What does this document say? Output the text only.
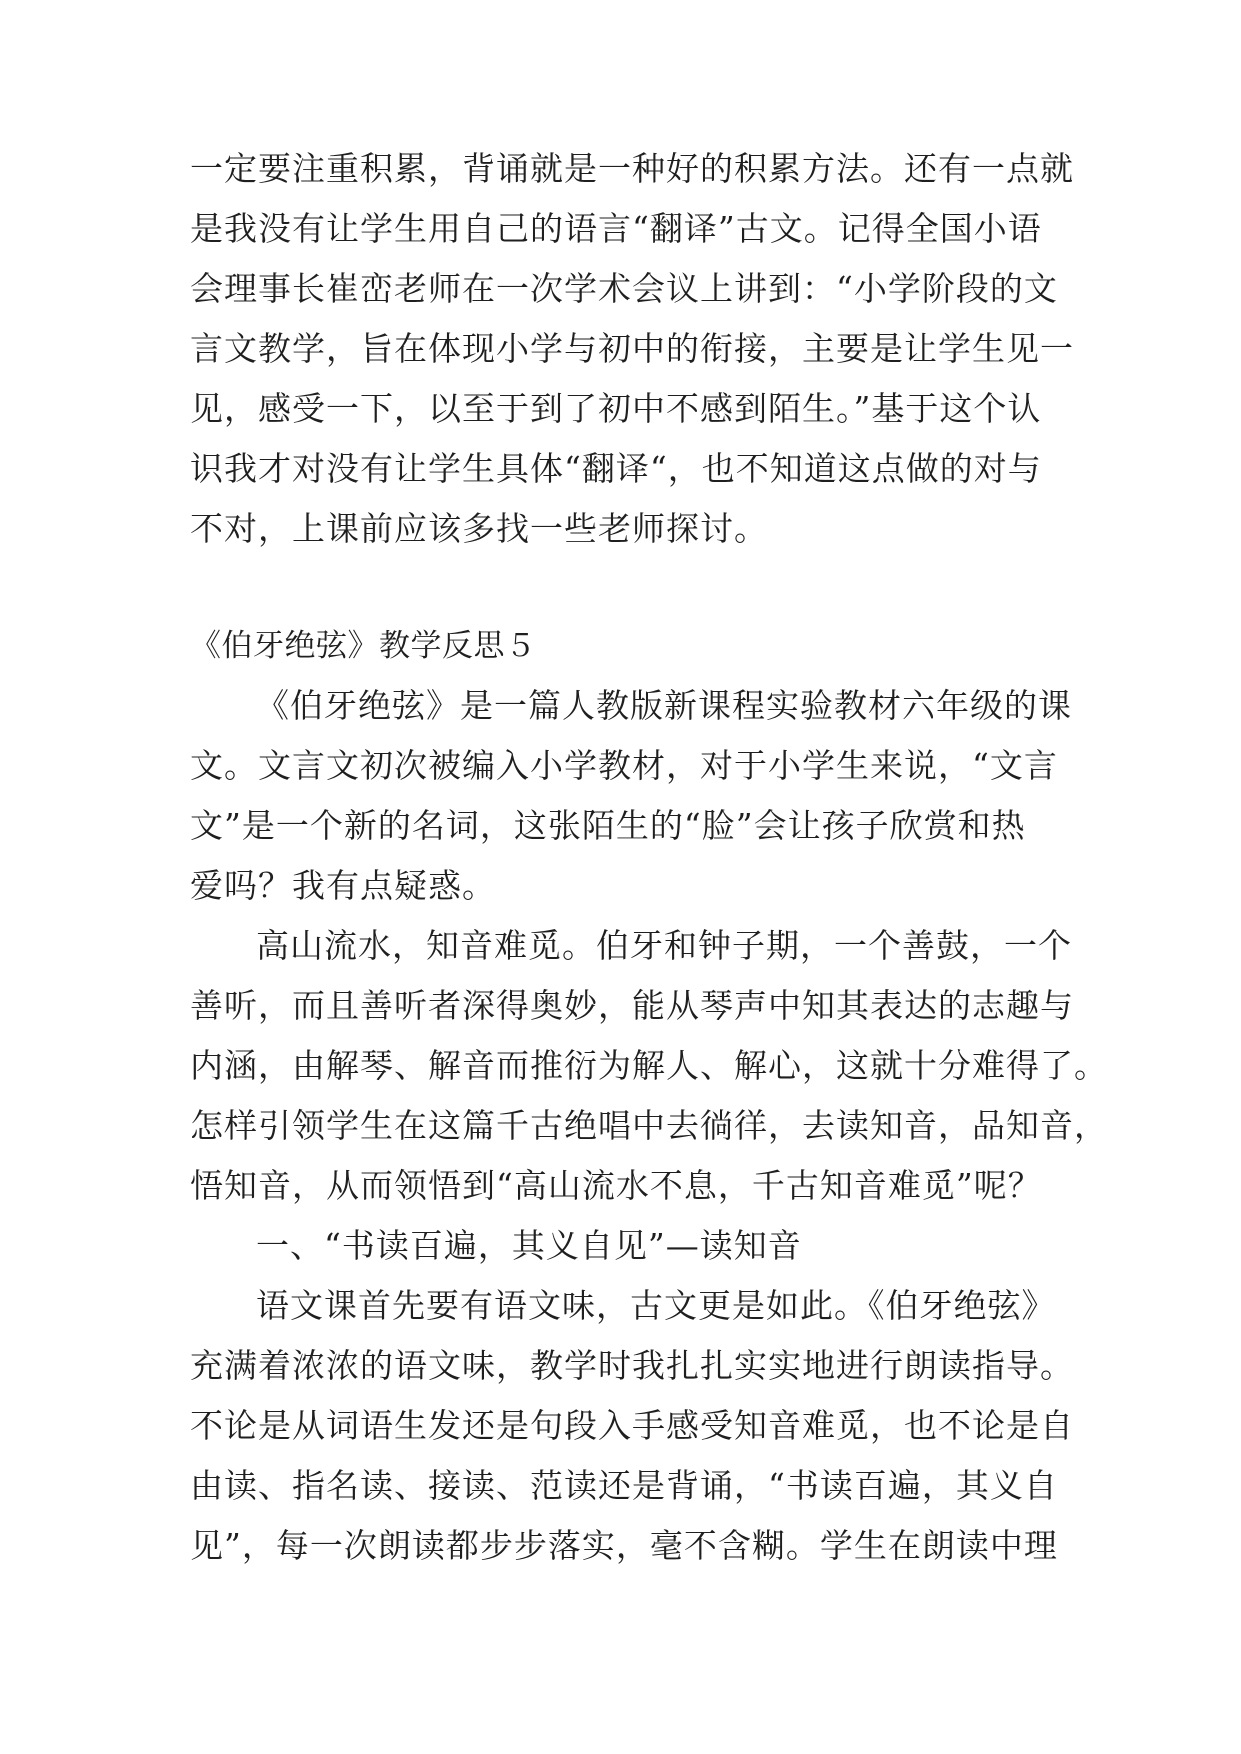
一定要注重积累，背诵就是一种好的积累方法。还有一点就
是我没有让学生用自己的语言“翻译”古文。记得全国小语
会理事长崔峦老师在一次学术会议上讲到：“小学阶段的文
言文教学，旨在体现小学与初中的衔接，主要是让学生见一
见，感受一下，以至于到了初中不感到陌生。”基于这个认
识我才对没有让学生具体“翻译“，也不知道这点做的对与
不对，上课前应该多找一些老师探讨。
《伯牙绝弦》教学反思５
《伯牙绝弦》是一篇人教版新课程实验教材六年级的课
文。文言文初次被编入小学教材，对于小学生来说，“文言
文”是一个新的名词，这张陌生的“脸”会让孩子欣赏和热
爱吗？我有点疑惑。
高山流水，知音难觅。伯牙和钟子期，一个善鼓，一个
善听，而且善听者深得奥妙，能从琴声中知其表达的志趣与
内涵，由解琴、解音而推衍为解人、解心，这就十分难得了。
怎样引领学生在这篇千古绝唱中去徜徉，去读知音，品知音，
悟知音，从而领悟到“高山流水不息，千古知音难觅”呢？
一、“书读百遍，其义自见”—读知音
语文课首先要有语文味，古文更是如此。《伯牙绝弦》
充满着浓浓的语文味，教学时我扎扎实实地进行朗读指导。
不论是从词语生发还是句段入手感受知音难觅，也不论是自
由读、指名读、接读、范读还是背诵，“书读百遍，其义自
见”，每一次朗读都步步落实，毫不含糊。学生在朗读中理
